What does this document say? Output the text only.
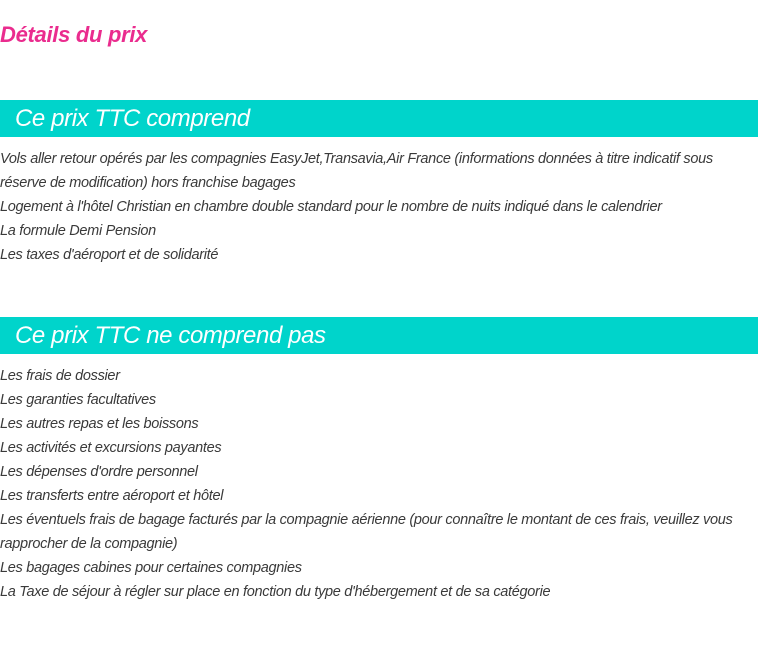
Détails du prix
Ce prix TTC comprend
Vols aller retour opérés par les compagnies EasyJet,Transavia,Air France (informations données à titre indicatif sous réserve de modification) hors franchise bagages
Logement à l'hôtel Christian en chambre double standard pour le nombre de nuits indiqué dans le calendrier
La formule Demi Pension
Les taxes d'aéroport et de solidarité
Ce prix TTC ne comprend pas
Les frais de dossier
Les garanties facultatives
Les autres repas et les boissons
Les activités et excursions payantes
Les dépenses d'ordre personnel
Les transferts entre aéroport et hôtel
Les éventuels frais de bagage facturés par la compagnie aérienne (pour connaître le montant de ces frais, veuillez vous rapprocher de la compagnie)
Les bagages cabines pour certaines compagnies
La Taxe de séjour à régler sur place en fonction du type d'hébergement et de sa catégorie
